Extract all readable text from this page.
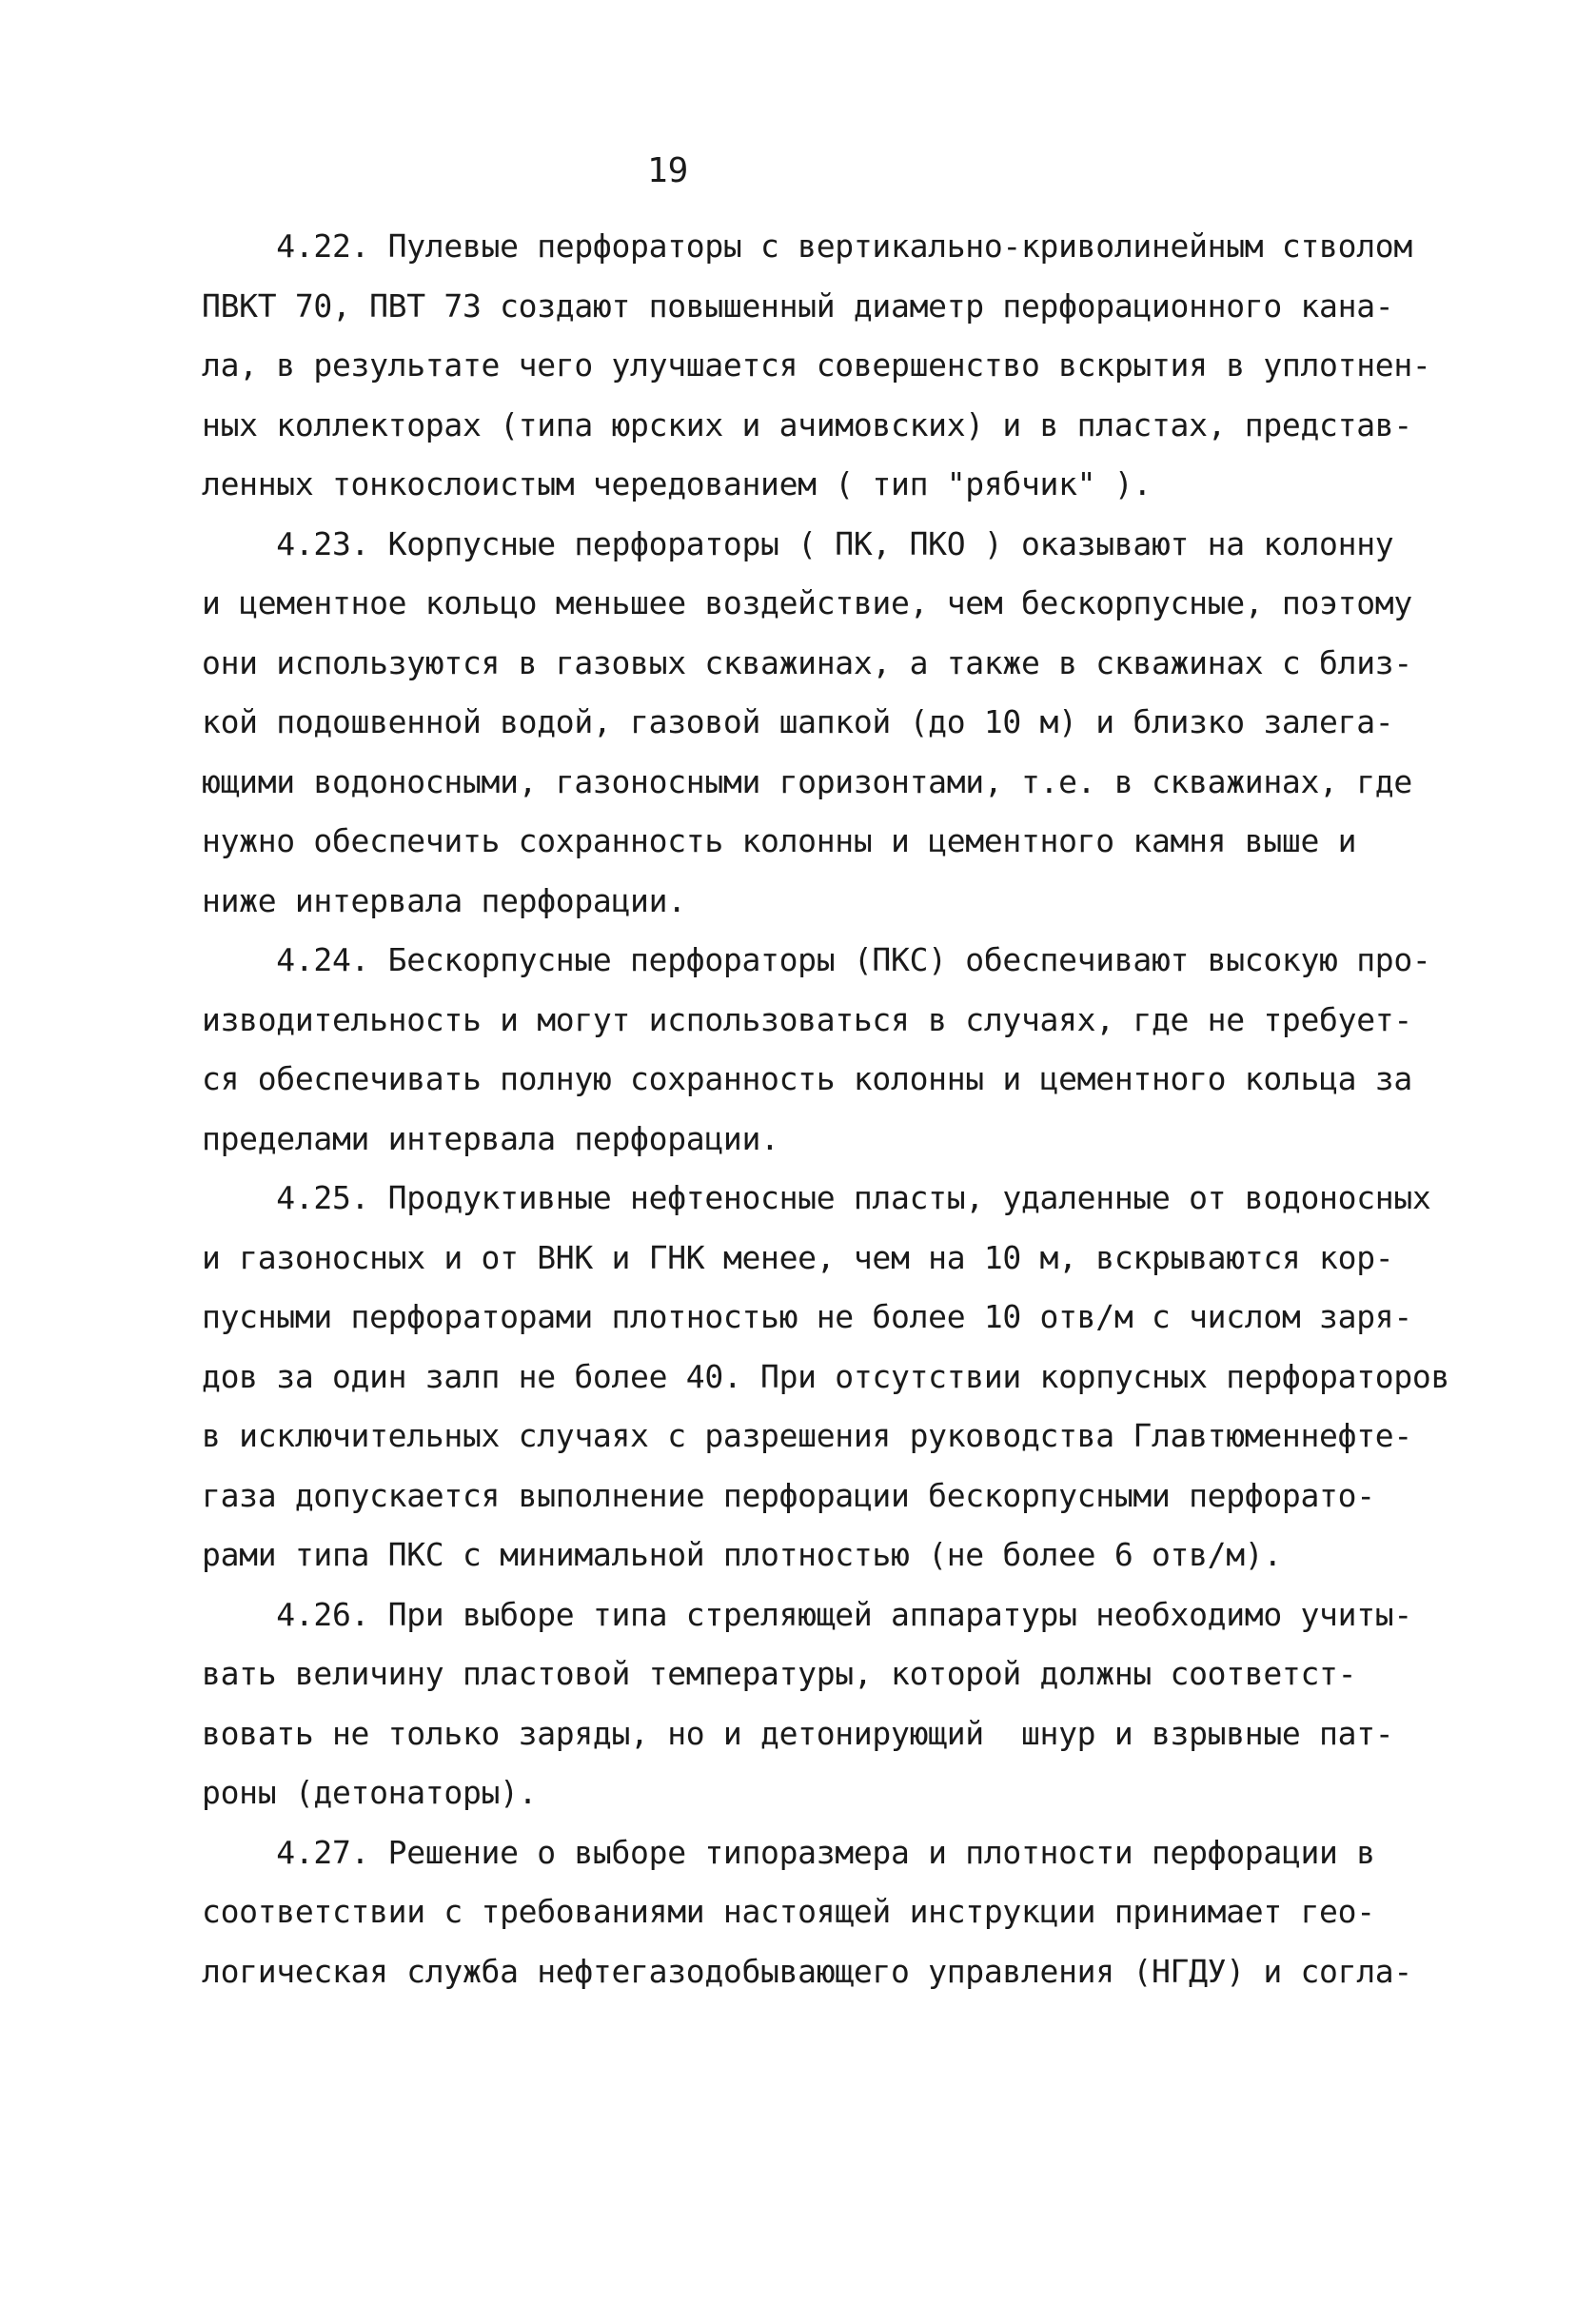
19
4.22. Пулевые перфораторы с вертикально-криволинейным стволом
ПВКТ 70, ПВТ 73 создают повышенный диаметр перфорационного кана-
ла, в результате чего улучшается совершенство вскрытия в уплотнен-
ных коллекторах (типа юрских и ачимовских) и в пластах, представ-
ленных тонкослоистым чередованием ( тип "рябчик" ).
4.23. Корпусные перфораторы ( ПК, ПКО ) оказывают на колонну
и цементное кольцо меньшее воздействие, чем бескорпусные, поэтому
они используются в газовых скважинах, а также в скважинах с близ-
кой подошвенной водой, газовой шапкой (до 10 м) и близко залега-
ющими водоносными, газоносными горизонтами, т.е. в скважинах, где
нужно обеспечить сохранность колонны и цементного камня выше и
ниже интервала перфорации.
4.24. Бескорпусные перфораторы (ПКС) обеспечивают высокую про-
изводительность и могут использоваться в случаях, где не требует-
ся обеспечивать полную сохранность колонны и цементного кольца за
пределами интервала перфорации.
4.25. Продуктивные нефтеносные пласты, удаленные от водоносных
и газоносных и от ВНК и ГНК менее, чем на 10 м, вскрываются кор-
пусными перфораторами плотностью не более 10 отв/м с числом заря-
дов за один залп не более 40. При отсутствии корпусных перфораторов
в исключительных случаях с разрешения руководства Главтюменнефте-
газа допускается выполнение перфорации бескорпусными перфорато-
рами типа ПКС с минимальной плотностью (не более 6 отв/м).
4.26. При выборе типа стреляющей аппаратуры необходимо учиты-
вать величину пластовой температуры, которой должны соответст-
вовать не только заряды, но и детонирующий  шнур и взрывные пат-
роны (детонаторы).
4.27. Решение о выборе типоразмера и плотности перфорации в
соответствии с требованиями настоящей инструкции принимает гео-
логическая служба нефтегазодобывающего управления (НГДУ) и согла-
